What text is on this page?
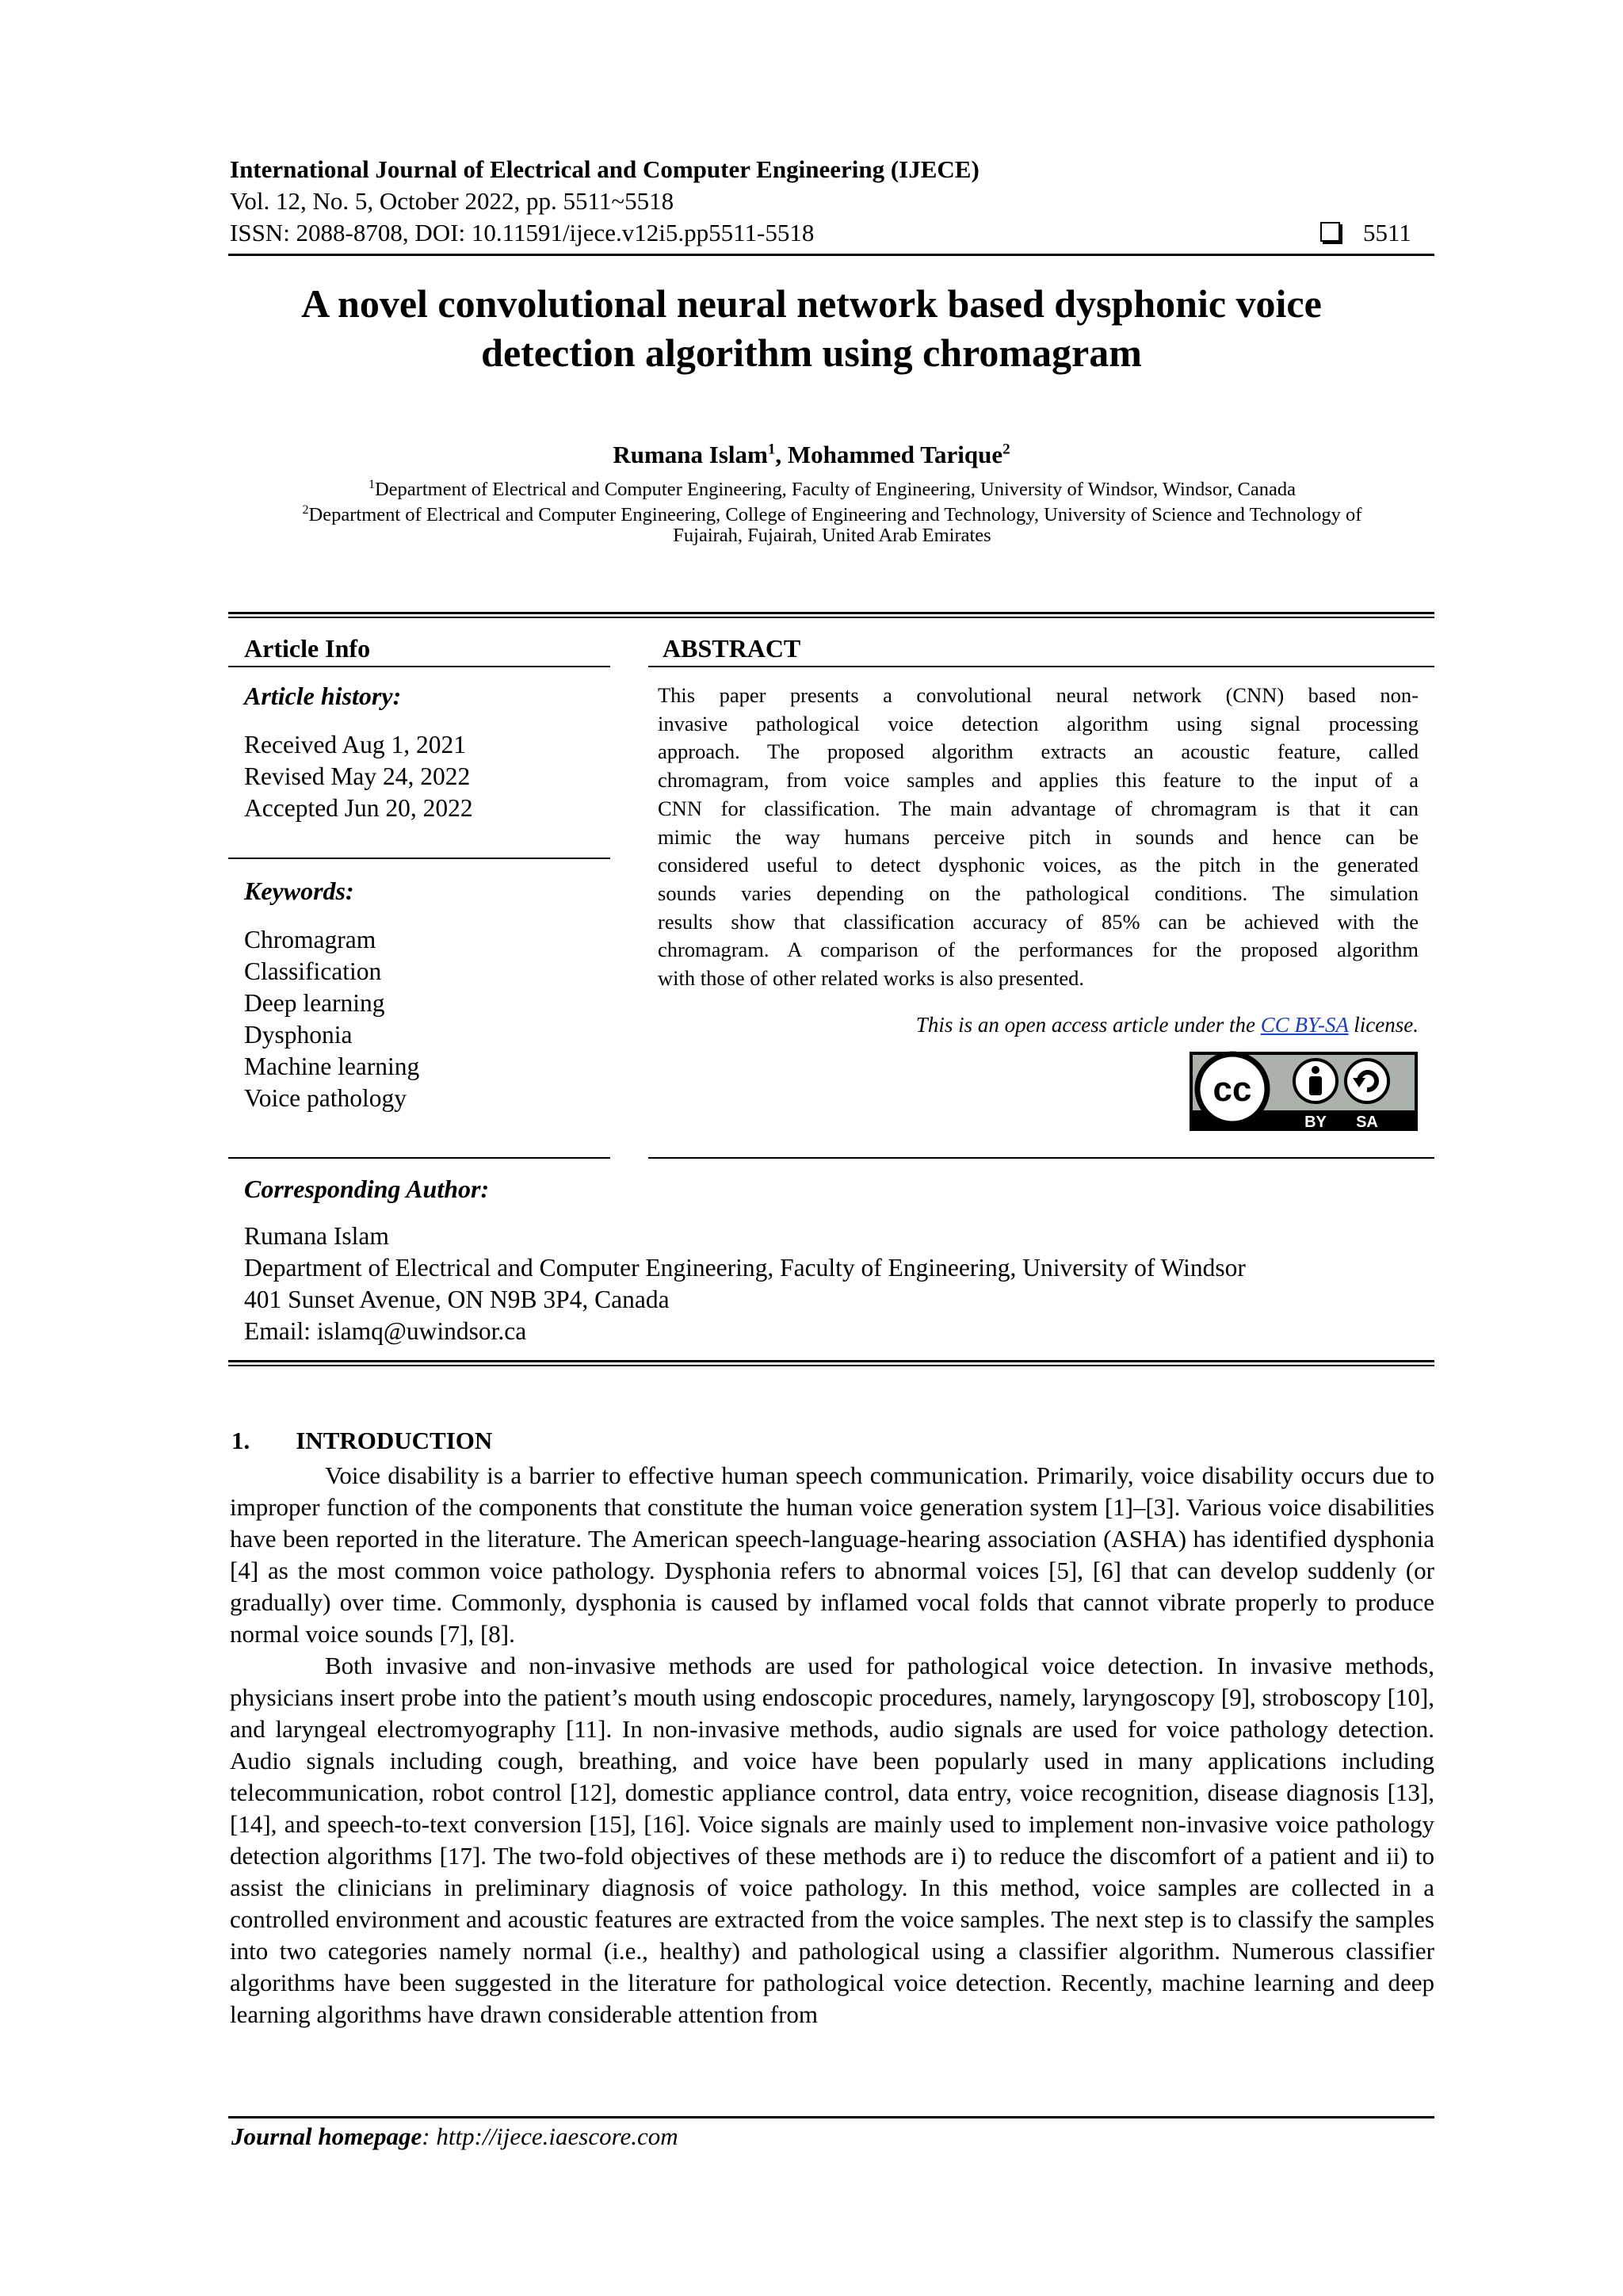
International Journal of Electrical and Computer Engineering (IJECE)
Vol. 12, No. 5, October 2022, pp. 5511~5518
ISSN: 2088-8708, DOI: 10.11591/ijece.v12i5.pp5511-5518	5511
A novel convolutional neural network based dysphonic voice
detection algorithm using chromagram
Rumana Islam$^1$, Mohammed Tarique$^2$
$^1$Department of Electrical and Computer Engineering, Faculty of Engineering, University of Windsor, Windsor, Canada
$^2$Department of Electrical and Computer Engineering, College of Engineering and Technology, University of Science and Technology of
Fujairah, Fujairah, United Arab Emirates
Article Info
Article history:
Received Aug 1, 2021
Revised May 24, 2022
Accepted Jun 20, 2022
Keywords:
Chromagram
Classification
Deep learning
Dysphonia
Machine learning
Voice pathology
ABSTRACT
This paper presents a convolutional neural network (CNN) based non-
invasive pathological voice detection algorithm using signal processing
approach. The proposed algorithm extracts an acoustic feature, called
chromagram, from voice samples and applies this feature to the input of a
CNN for classification. The main advantage of chromagram is that it can
mimic the way humans perceive pitch in sounds and hence can be
considered useful to detect dysphonic voices, as the pitch in the generated
sounds varies depending on the pathological conditions. The simulation
results show that classification accuracy of 85% can be achieved with the
chromagram. A comparison of the performances for the proposed algorithm
with those of other related works is also presented.
This is an open access article under the CC BY-SA license.
cc
BY SA
Corresponding Author:
Rumana Islam
Department of Electrical and Computer Engineering, Faculty of Engineering, University of Windsor
401 Sunset Avenue, ON N9B 3P4, Canada
Email: islamq@uwindsor.ca
1. INTRODUCTION

Voice disability is a barrier to effective human speech communication. Primarily, voice disability occurs due to improper function of the components that constitute the human voice generation system [1]–[3]. Various voice disabilities have been reported in the literature. The American speech-language-hearing association (ASHA) has identified dysphonia [4] as the most common voice pathology. Dysphonia refers to abnormal voices [5], [6] that can develop suddenly (or gradually) over time. Commonly, dysphonia is caused by inflamed vocal folds that cannot vibrate properly to produce normal voice sounds [7], [8].

Both invasive and non-invasive methods are used for pathological voice detection. In invasive methods, physicians insert probe into the patient’s mouth using endoscopic procedures, namely, laryngoscopy [9], stroboscopy [10], and laryngeal electromyography [11]. In non-invasive methods, audio signals are used for voice pathology detection. Audio signals including cough, breathing, and voice have been popularly used in many applications including telecommunication, robot control [12], domestic appliance control, data entry, voice recognition, disease diagnosis [13], [14], and speech-to-text conversion [15], [16]. Voice signals are mainly used to implement non-invasive voice pathology detection algorithms [17]. The two-fold objectives of these methods are i) to reduce the discomfort of a patient and ii) to assist the clinicians in preliminary diagnosis of voice pathology. In this method, voice samples are collected in a controlled environment and acoustic features are extracted from the voice samples. The next step is to classify the samples into two categories namely normal (i.e., healthy) and pathological using a classifier algorithm. Numerous classifier algorithms have been suggested in the literature for pathological voice detection. Recently, machine learning and deep learning algorithms have drawn considerable attention from

Journal homepage: http://ijece.iaescore.com
